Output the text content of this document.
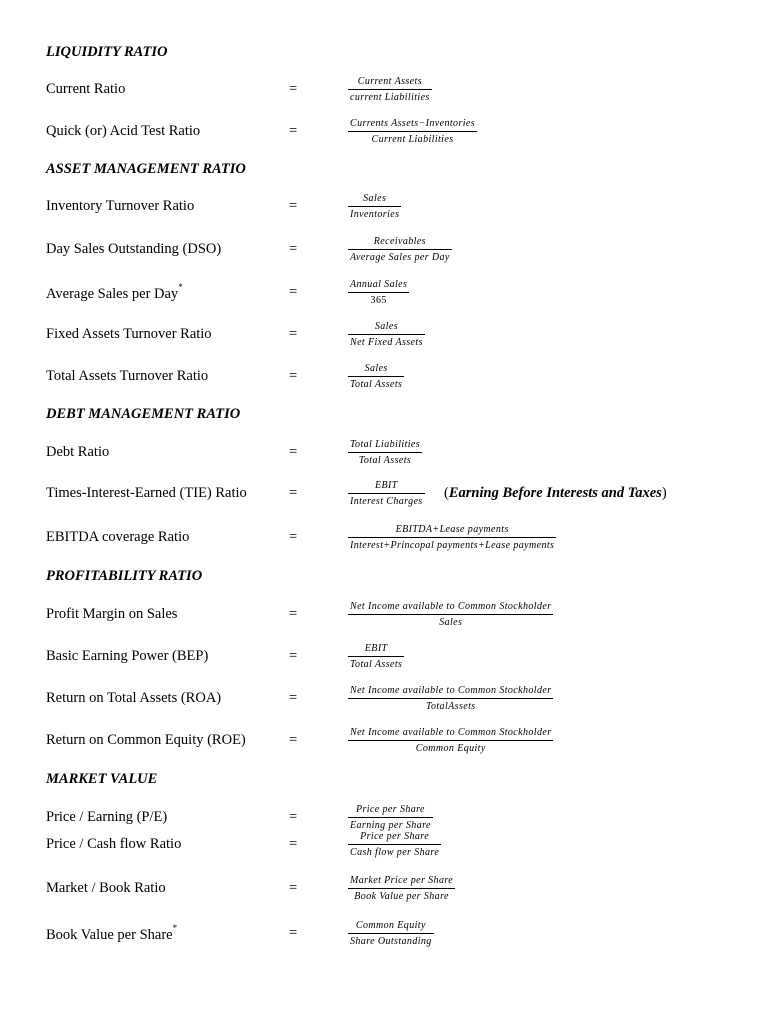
LIQUIDITY RATIO
ASSET MANAGEMENT RATIO
DEBT MANAGEMENT RATIO
PROFITABILITY RATIO
MARKET VALUE
Current Ratio	=	Current Assets
current Liabilities
Quick (or) Acid Test Ratio	=	Currents Assets−Inventories
Current Liabilities
Inventory Turnover Ratio	=	Sales
Inventories
Day Sales Outstanding (DSO)	=	Receivables
Average Sales per Day
Average Sales per Day*	=	Annual Sales
365
Fixed Assets Turnover Ratio	=	Sales
Net Fixed Assets
Total Assets Turnover Ratio	=	Sales
Total Assets
Debt Ratio	=	Total Liabilities
Total Assets
Times-Interest-Earned (TIE) Ratio	=	EBIT
Interest Charges
(Earning Before Interests and Taxes)
EBITDA coverage Ratio	=	EBITDA+Lease payments
Interest+Princopal payments+Lease payments
Profit Margin on Sales	=	Net Income available to Common Stockholder
Sales
Basic Earning Power (BEP)	=	EBIT
Total Assets
Return on Total Assets (ROA)	=	Net Income available to Common Stockholder
TotalAssets
Return on Common Equity (ROE)	=	Net Income available to Common Stockholder
Common Equity
Price / Earning (P/E)	=	Price per Share
Earning per Share
Price / Cash flow Ratio	=	Price per Share
Cash flow per Share
Market / Book Ratio	=	Market Price per Share
Book Value per Share
Book Value per Share*	=	Common Equity
Share Outstanding
